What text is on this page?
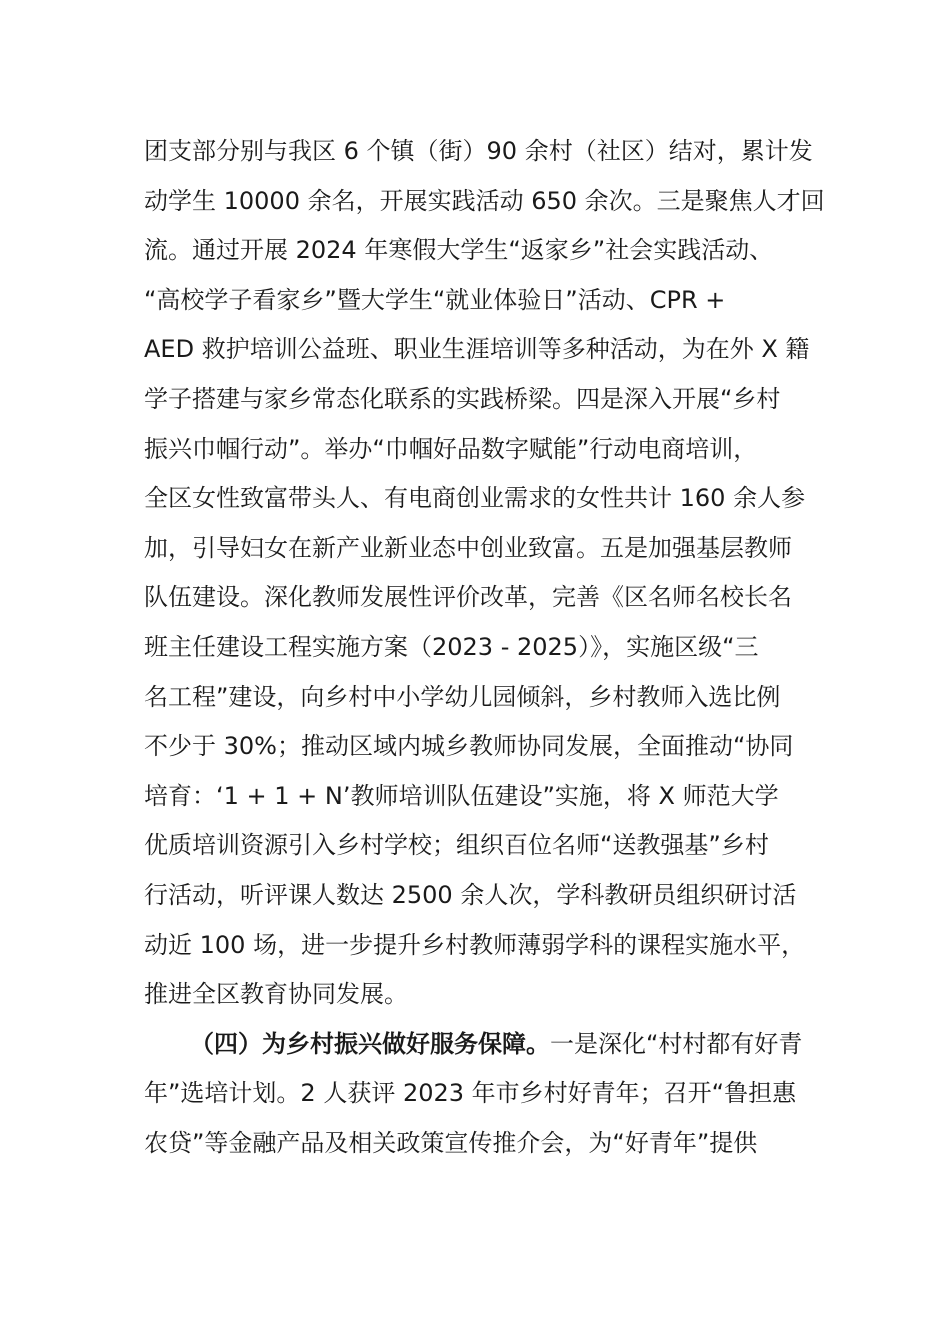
团支部分别与我区 6 个镇（街）90 余村（社区）结对，累计发
动学生 10000 余名，开展实践活动 650 余次。三是聚焦人才回
流。通过开展 2024 年寒假大学生“返家乡”社会实践活动、
“高校学子看家乡”暨大学生“就业体验日”活动、CPR +
AED 救护培训公益班、职业生涯培训等多种活动，为在外 X 籍
学子搭建与家乡常态化联系的实践桥梁。四是深入开展“乡村
振兴巾帼行动”。举办“巾帼好品数字赋能”行动电商培训，
全区女性致富带头人、有电商创业需求的女性共计 160 余人参
加，引导妇女在新产业新业态中创业致富。五是加强基层教师
队伍建设。深化教师发展性评价改革，完善《区名师名校长名
班主任建设工程实施方案（2023 - 2025）》，实施区级“三
名工程”建设，向乡村中小学幼儿园倾斜，乡村教师入选比例
不少于 30%；推动区域内城乡教师协同发展，全面推动“协同
培育：‘1 + 1 + N’教师培训队伍建设”实施，将 X 师范大学
优质培训资源引入乡村学校；组织百位名师“送教强基”乡村
行活动，听评课人数达 2500 余人次，学科教研员组织研讨活
动近 100 场，进一步提升乡村教师薄弱学科的课程实施水平，
推进全区教育协同发展。
（四）为乡村振兴做好服务保障。一是深化“村村都有好青
年”选培计划。2 人获评 2023 年市乡村好青年；召开“鲁担惠
农贷”等金融产品及相关政策宣传推介会，为“好青年”提供
